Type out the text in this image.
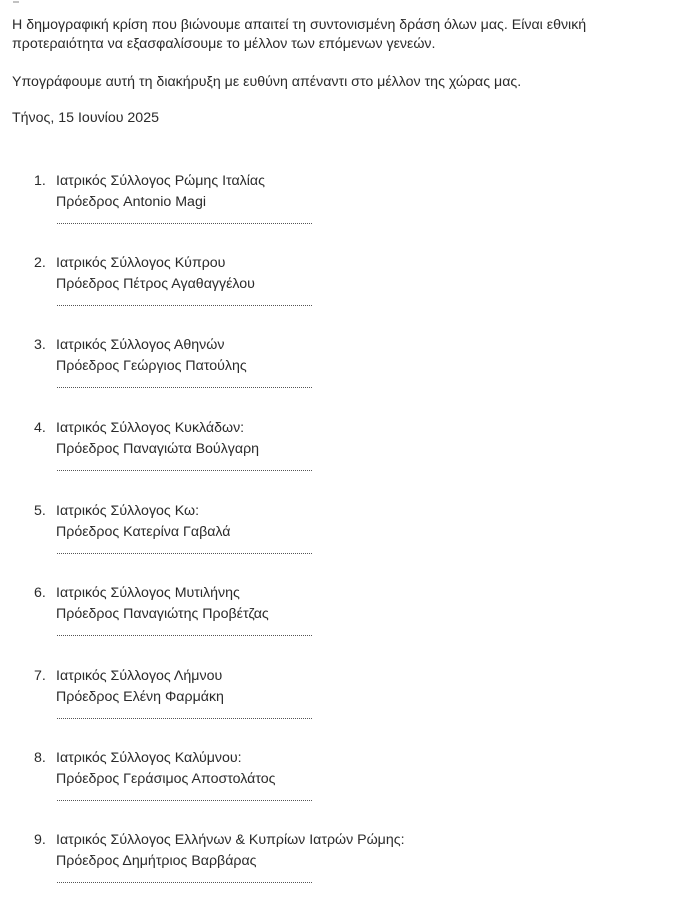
Η δημογραφική κρίση που βιώνουμε απαιτεί τη συντονισμένη δράση όλων μας. Είναι εθνική
προτεραιότητα να εξασφαλίσουμε το μέλλον των επόμενων γενεών.

Υπογράφουμε αυτή τη διακήρυξη με ευθύνη απέναντι στο μέλλον της χώρας μας.

Τήνος, 15 Ιουνίου 2025

1. Ιατρικός Σύλλογος Ρώμης Ιταλίας
Πρόεδρος Antonio Magi
2. Ιατρικός Σύλλογος Κύπρου
Πρόεδρος Πέτρος Αγαθαγγέλου
3. Ιατρικός Σύλλογος Αθηνών
Πρόεδρος Γεώργιος Πατούλης
4. Ιατρικός Σύλλογος Κυκλάδων:
Πρόεδρος Παναγιώτα Βούλγαρη
5. Ιατρικός Σύλλογος Κω:
Πρόεδρος Κατερίνα Γαβαλά
6. Ιατρικός Σύλλογος Μυτιλήνης
Πρόεδρος Παναγιώτης Προβέτζας
7. Ιατρικός Σύλλογος Λήμνου
Πρόεδρος Ελένη Φαρμάκη
8. Ιατρικός Σύλλογος Καλύμνου:
Πρόεδρος Γεράσιμος Αποστολάτος
9. Ιατρικός Σύλλογος Ελλήνων & Κυπρίων Ιατρών Ρώμης:
Πρόεδρος Δημήτριος Βαρβάρας
